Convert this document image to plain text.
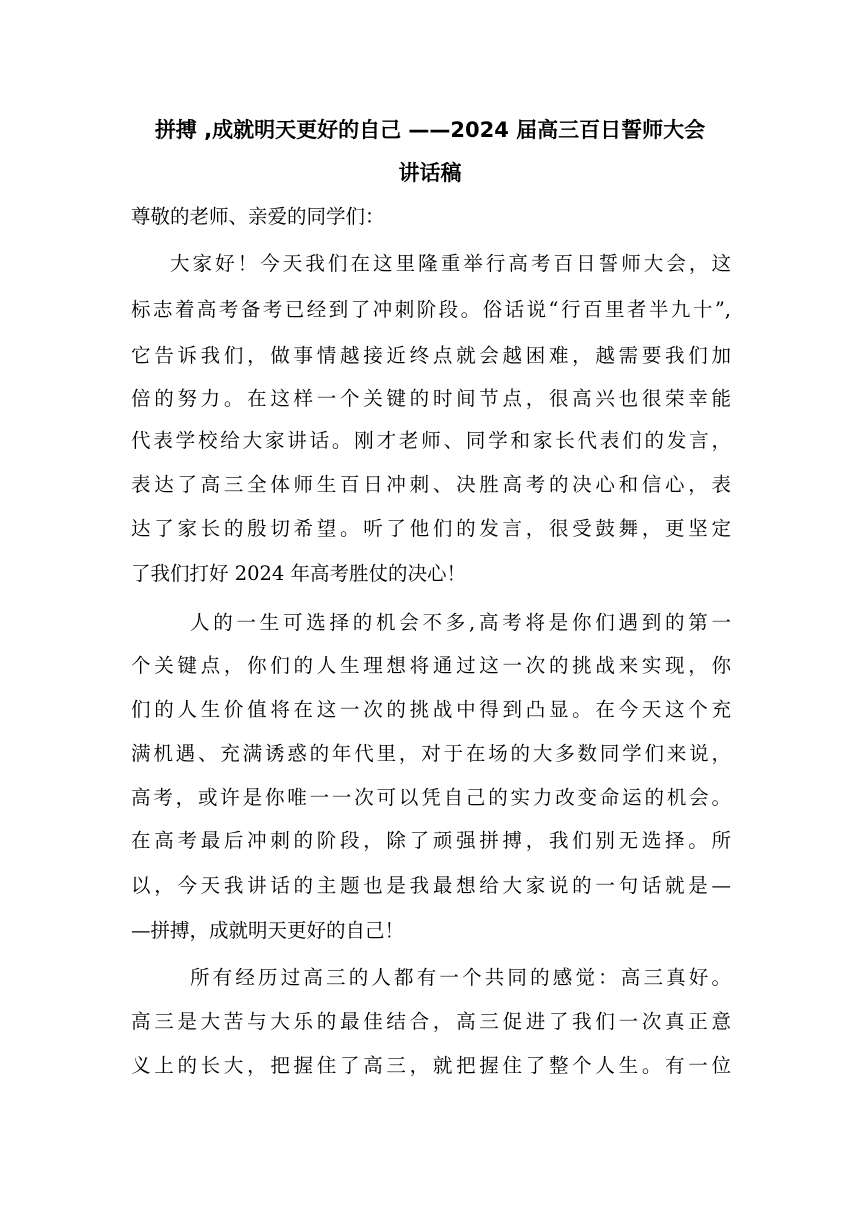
拼搏 ,成就明天更好的自己 ——2024 届高三百日誓师大会
讲话稿
尊敬的老师、亲爱的同学们：
大家好！今天我们在这里隆重举行高考百日誓师大会，这
标志着高考备考已经到了冲刺阶段。俗话说“行百里者半九十”,
它告诉我们，做事情越接近终点就会越困难，越需要我们加
倍的努力。在这样一个关键的时间节点，很高兴也很荣幸能
代表学校给大家讲话。刚才老师、同学和家长代表们的发言，
表达了高三全体师生百日冲刺、决胜高考的决心和信心，表
达了家长的殷切希望。听了他们的发言，很受鼓舞，更坚定
了我们打好 2024 年高考胜仗的决心！
人的一生可选择的机会不多,高考将是你们遇到的第一
个关键点，你们的人生理想将通过这一次的挑战来实现，你
们的人生价值将在这一次的挑战中得到凸显。在今天这个充
满机遇、充满诱惑的年代里，对于在场的大多数同学们来说，
高考，或许是你唯一一次可以凭自己的实力改变命运的机会。
在高考最后冲刺的阶段，除了顽强拼搏，我们别无选择。所
以，今天我讲话的主题也是我最想给大家说的一句话就是—
—拼搏，成就明天更好的自己！
所有经历过高三的人都有一个共同的感觉：高三真好。
高三是大苦与大乐的最佳结合，高三促进了我们一次真正意
义上的长大，把握住了高三，就把握住了整个人生。有一位
